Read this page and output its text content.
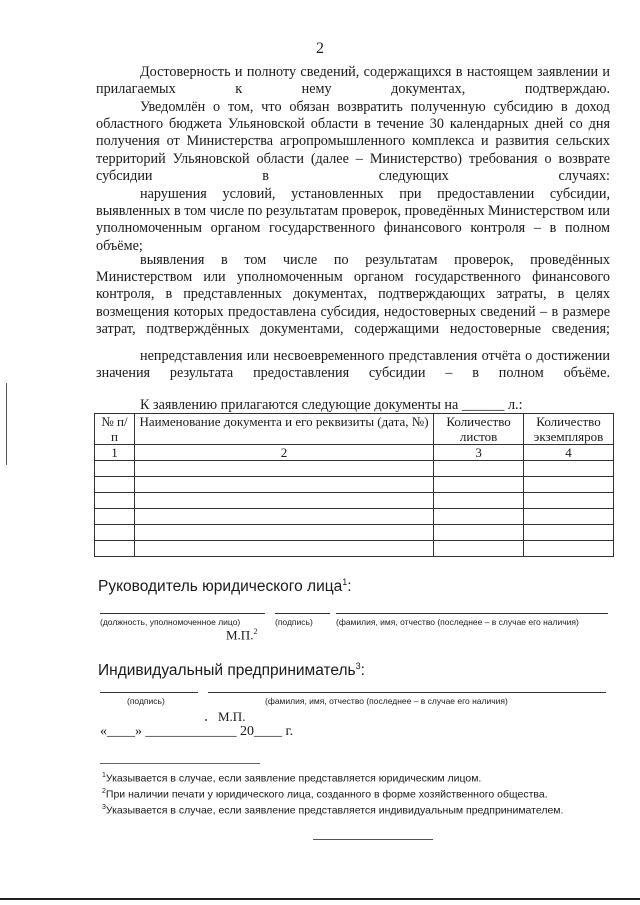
2
Достоверность и полноту сведений, содержащихся в настоящем заявлении и прилагаемых к нему документах, подтверждаю.
Уведомлён о том, что обязан возвратить полученную субсидию в доход областного бюджета Ульяновской области в течение 30 календарных дней со дня получения от Министерства агропромышленного комплекса и развития сельских территорий Ульяновской области (далее – Министерство) требования о возврате субсидии в следующих случаях:
нарушения условий, установленных при предоставлении субсидии, выявленных в том числе по результатам проверок, проведённых Министерством или уполномоченным органом государственного финансового контроля – в полном объёме;
выявления в том числе по результатам проверок, проведённых Министерством или уполномоченным органом государственного финансового контроля, в представленных документах, подтверждающих затраты, в целях возмещения которых предоставлена субсидия, недостоверных сведений – в размере затрат, подтверждённых документами, содержащими недостоверные сведения;
непредставления или несвоевременного представления отчёта о достижении значения результата предоставления субсидии – в полном объёме.
К заявлению прилагаются следующие документы на ______ л.:
№ п/п	Наименование документа и его реквизиты (дата, №)	Количество листов	Количество экземпляров
1	2	3	4

Руководитель юридического лица$^1$:
(должность, уполномоченное лицо)	(подпись)	(фамилия, имя, отчество (последнее – в случае его наличия)
М.П.$^2$
Индивидуальный предприниматель$^3$:
(подпись)	(фамилия, имя, отчество (последнее – в случае его наличия)
М.П.
«____» _____________ 20____ г.
$^1$Указывается в случае, если заявление представляется юридическим лицом.
$^2$При наличии печати у юридического лица, созданного в форме хозяйственного общества.
$^3$Указывается в случае, если заявление представляется индивидуальным предпринимателем.
